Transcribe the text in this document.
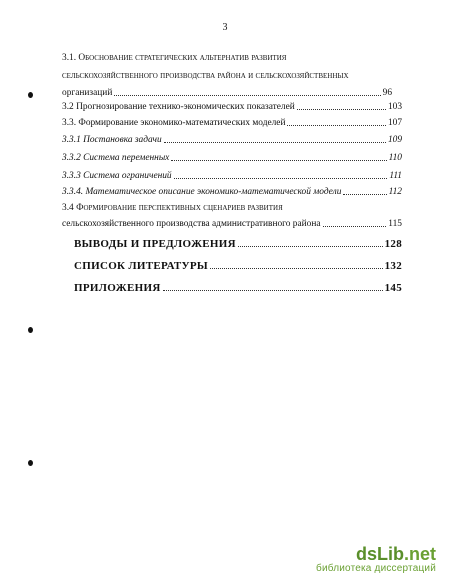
3
3.1. Обоснование стратегических альтернатив развития
сельскохозяйственного производства района и сельскохозяйственных
организаций	96
3.2 Прогнозирование технико-экономических показателей	103
3.3. Формирование экономико-математических моделей	107
3.3.1 Постановка задачи	109
3.3.2 Система переменных	110
3.3.3 Система ограничений	111
3.3.4. Математическое описание экономико-математической модели	112
3.4 Формирование перспективных сценариев развития
сельскохозяйственного производства административного района	115
ВЫВОДЫ И ПРЕДЛОЖЕНИЯ	128
СПИСОК ЛИТЕРАТУРЫ	132
ПРИЛОЖЕНИЯ	145
dsLib.net
библиотека диссертаций
